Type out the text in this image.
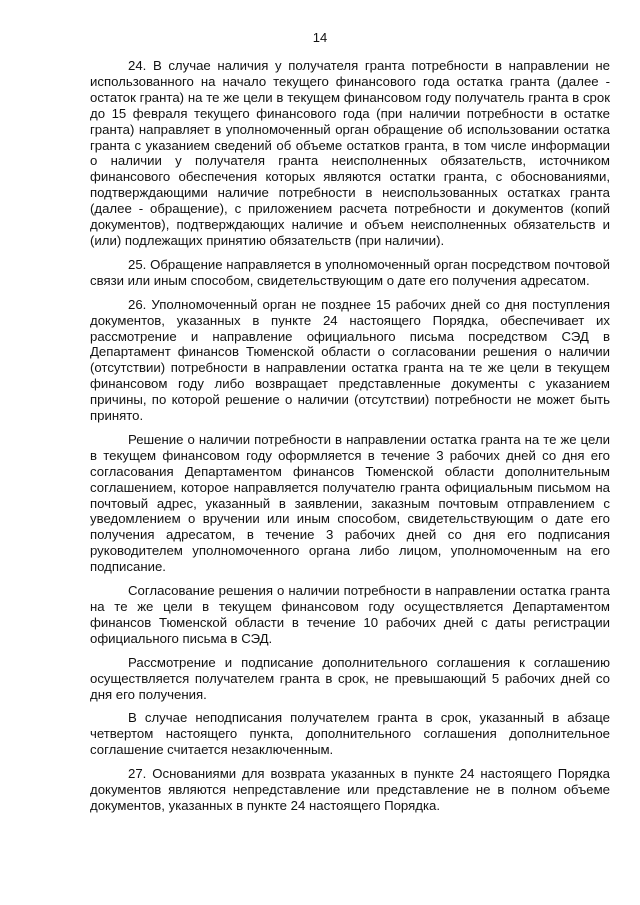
14

24. В случае наличия у получателя гранта потребности в направлении не использованного на начало текущего финансового года остатка гранта (далее - остаток гранта) на те же цели в текущем финансовом году получатель гранта в срок до 15 февраля текущего финансового года (при наличии потребности в остатке гранта) направляет в уполномоченный орган обращение об использовании остатка гранта с указанием сведений об объеме остатков гранта, в том числе информации о наличии у получателя гранта неисполненных обязательств, источником финансового обеспечения которых являются остатки гранта, с обоснованиями, подтверждающими наличие потребности в неиспользованных остатках гранта (далее - обращение), с приложением расчета потребности и документов (копий документов), подтверждающих наличие и объем неисполненных обязательств и (или) подлежащих принятию обязательств (при наличии).

25. Обращение направляется в уполномоченный орган посредством почтовой связи или иным способом, свидетельствующим о дате его получения адресатом.

26. Уполномоченный орган не позднее 15 рабочих дней со дня поступления документов, указанных в пункте 24 настоящего Порядка, обеспечивает их рассмотрение и направление официального письма посредством СЭД в Департамент финансов Тюменской области о согласовании решения о наличии (отсутствии) потребности в направлении остатка гранта на те же цели в текущем финансовом году либо возвращает представленные документы с указанием причины, по которой решение о наличии (отсутствии) потребности не может быть принято.

Решение о наличии потребности в направлении остатка гранта на те же цели в текущем финансовом году оформляется в течение 3 рабочих дней со дня его согласования Департаментом финансов Тюменской области дополнительным соглашением, которое направляется получателю гранта официальным письмом на почтовый адрес, указанный в заявлении, заказным почтовым отправлением с уведомлением о вручении или иным способом, свидетельствующим о дате его получения адресатом, в течение 3 рабочих дней со дня его подписания руководителем уполномоченного органа либо лицом, уполномоченным на его подписание.

Согласование решения о наличии потребности в направлении остатка гранта на те же цели в текущем финансовом году осуществляется Департаментом финансов Тюменской области в течение 10 рабочих дней с даты регистрации официального письма в СЭД.

Рассмотрение и подписание дополнительного соглашения к соглашению осуществляется получателем гранта в срок, не превышающий 5 рабочих дней со дня его получения.

В случае неподписания получателем гранта в срок, указанный в абзаце четвертом настоящего пункта, дополнительного соглашения дополнительное соглашение считается незаключенным.

27. Основаниями для возврата указанных в пункте 24 настоящего Порядка документов являются непредставление или представление не в полном объеме документов, указанных в пункте 24 настоящего Порядка.
